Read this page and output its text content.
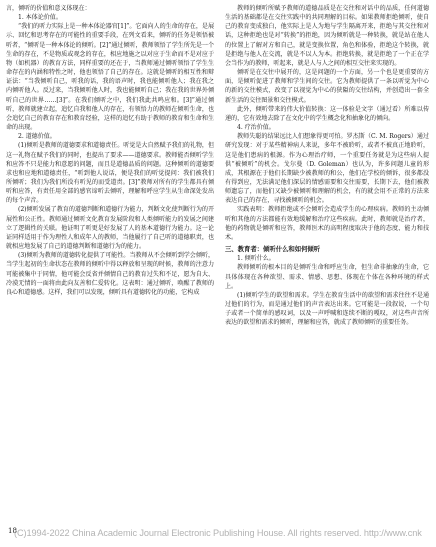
言，倾听的价值和意义体现在：

1. 本体论价值。

“我们的听力实际上是一种本体论器官[1]”。它面向人的生命的存在，是展示、回忆和思考存在的可能性的重要手段，在列文看来，倾听的任务是领悟被听者，“倾听是一种本体论的倾听。[2]”通过倾听，教师领悟了学生所先是一个生命的存在，不是物质或观念的存在，相应地施之以对应于生命而不是对应于物（如机器）的教育方法，同样重要的还在于，当教师通过倾听领悟了学生生命存在的内涵和特性之时，他也领悟了自己的存在。这就是倾听的相互性和辩证法：“当我倾听自己，听我的话，我的语声时，我也能倾听他人；我在我之内倾听他人。反过来，当我倾听他人时，我也能倾听自己；我在我的世界外倾听自己的世界……[3]”。在我们倾听之中，我们我此共鸣应和。[3]”通过倾听，教师就建立起，追忆自我和他人的存在，有领悟力的教师在倾听生命，也会追忆自己的教育存在和教育经验，这样的追忆有助于教师的教育和生命和生命的出现。

2. 道德价值。

(1)倾听是教师的道德要求和道德责任。听觉是大自然赋予我们的礼物，但这一礼物在赋予我们的同时，也提出了要求——道德要求。教师能否倾听学生和应答不只是能力和意愿的问题，而且是道德品质的问题。这种倾听的道德要求也和应地和道德责任，“听到他人说话，便是我们的听觉提问：我们被我们所倾听；我们为我们所没有听见的而受道责。[3]”教师对所有的学生都具有倾听和应答，有责任用全部的感官谛听去倾听，理解和呼应学生从生命深处发出的每个声音。

(2)倾听发展了教育的道德判断和道德行为能力，判断文化使判断行为的开展性和公正性。教师通过倾听文化教育发展阶段和人类倾听能力的发展之间建立了逻辑性的关联。他证明了听更是好发展了人的基本道德行为能力。这一论证同样适用于作为理性人和成年人的教师，当他履行了自己听的道德职责，也就相应地发展了自己的道德判断和道德行为的能力。

(3)倾听为教师的道德转化提供了可能性。当教师从不会倾听到学会倾听，当学生起初的生命状态在教师的倾听中得以释放和呈现的时候，教师的注意力可能被集中于同情，他可能会反省并倾情自己的教育过失和不足，愿为自大、冷漠无情的一面将由此向友善和仁爱转化。这表明：通过倾听，唤醒了教师的良心和道德感。这样，我们可以发现，倾听具有道德转化的功能，它构成

教师的倾听所赋予教师的道德品质是在交往和对话中的品质，任何道德生活的基础都是在交往实践中的共同理解的目标。如果教师拒绝倾听，使自己的教育变成独白，他实际上是人为地与学生隔离开来，拒绝与其交往和对话，这种拒绝也是对“转换”的拒绝，因为倾听就是一种转换，就是站在他人的位置上了解对方和自己，就是变换位置，角色和体验，拒绝这个转换，就是拒绝与他人在交流，就是不以人为本。拒绝转换，就是拒绝了一个正在学会当作为的教师，听起来，就是人与人之间的相互交往来实现的。

倾听是在交往中展开的，这是问题的一个方面，另一个也是更重要的方面，是倾听促进了教师和学生间的交往。它为教师提供了一条以听觉为中心的新的交往模式，改变了以视觉为中心的狭隘的交往结构，并创造出一套全新生活的交往图景和交往模式。

此外，倾听带来的伟大价值转换：这一体验是文字（通过看）所难以传递的，它有效地去除了在文化中的学生概念化和抽象化的倾向。

4. 疗治价值。

教师失聪的结果远比人们想象得更可怕。罗杰斯（C. M. Rogers）通过研究发现：对于某些精神病人来说，多年不被聆听，或者不被真正地聆听，这是他们患病的根源。作为心理治疗师，一个重要任务就是为这些病人提供“被倾听”的机会。戈尔曼（D. Goleman）也认为，许多问题儿童的形成，其根源在于他们长期缺少被教师的和公，他们在学校的倾诉，很多都没有得到应，无法满足他们深层的情感需要和交往需要，长期下去，他们被教师遗忘了，而他们又缺少被倾听和理解的机会，有的就会用不正常的方法来表达自己的存在，寻找被倾听的机会。

实践表明：教师拒绝或不会倾听会造成学生的心理疾病。教师的主动倾听和其他的方法都能有效地缓解和治疗这些疾病。此时，教师就是治疗者，他的药物就是倾听和应答，教师医术的高明程度取决于他的态度、能力和技术。

三、教育者：倾听什么和如何倾听

1. 倾听什么。

教师倾听的根本目的是倾听生命和呼应生命，但生命非抽象的生命，它具体体现在各种欲望、需求、情感、思想、体现在个体在各种环境的样式上。

(1)倾听学生的欲望和需求。学生在教育生活中的欲望和需求往往不是通过他们的行为，而是通过他们的声音表达出来。它可能是一段叙说，一个句子或者一个简单的感叹词，以及一声呼喊和连续不断的嘎叹，对这些声音所表达的欲望和需求的倾听，理解和应答，就成了教师倾听的重要任务。

18
(C)1994-2022 China Academic Journal Electronic Publishing House. All rights reserved. http://www.cnk
